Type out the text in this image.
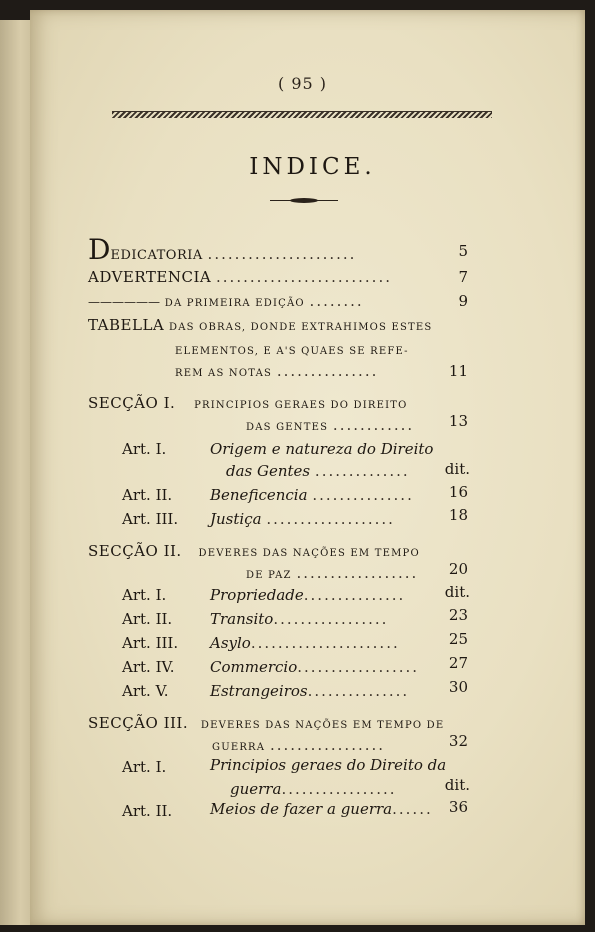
( 95 )
INDICE.
DEDICATORIA ......................	5
ADVERTENCIA ..........................	7
—————— DA PRIMEIRA EDIÇÃO ........	9
TABELLA DAS OBRAS, DONDE EXTRAHIMOS ESTES
ELEMENTOS, E A'S QUAES SE REFE-
REM AS NOTAS ...............	11
SECÇÃO I. PRINCIPIOS GERAES DO DIREITO
DAS GENTES ............	13
Art. I.	Origem e natureza do Direito
das Gentes ..............	dit.
Art. II.	Beneficencia ...............	16
Art. III. Justiça ...................	18
SECÇÃO II. DEVERES DAS NAÇÕES EM TEMPO
DE PAZ ..................	20
Art. I.	Propriedade...............	dit.
Art. II.	Transito.................	23
Art. III. Asylo......................	25
Art. IV. Commercio..................	27
Art. V.	Estrangeiros...............	30
SECÇÃO III. DEVERES DAS NAÇÕES EM TEMPO DE
GUERRA .................	32
Art. I.	Principios geraes do Direito da
guerra.................	dit.
Art. II.	Meios de fazer a guerra......	36
